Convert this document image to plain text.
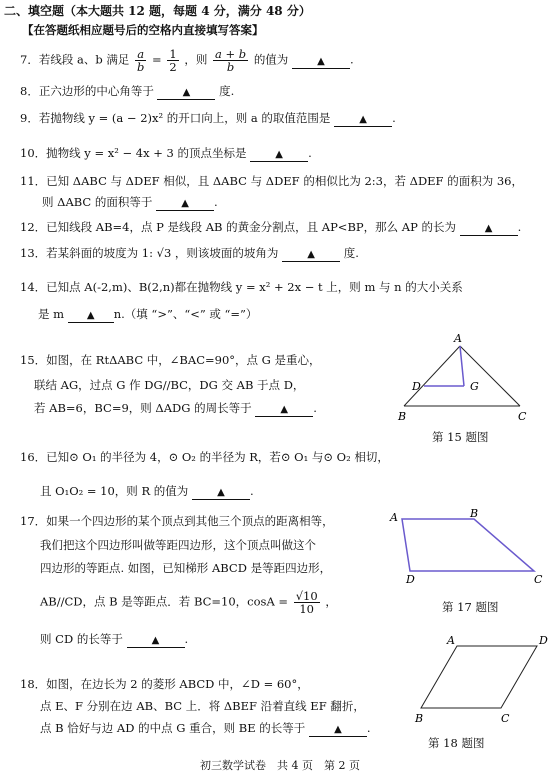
二、填空题（本大题共 12 题，每题 4 分，满分 48 分）
【在答题纸相应题号后的空格内直接填写答案】
7．若线段 a、b 满足 $\frac{a}{b} = \frac{1}{2}$ ，则 $\frac{a + b}{b}$ 的值为	▲ .
8．正六边形的中心角等于	▲	度.
9．若抛物线 y = (a − 2)x² 的开口向上，则 a 的取值范围是	▲ .
10．抛物线 y = x² − 4x + 3 的顶点坐标是	▲ .
11．已知 ΔABC 与 ΔDEF 相似，且 ΔABC 与 ΔDEF 的相似比为 2:3，若 ΔDEF 的面积为 36，
则 ΔABC 的面积等于	▲ .
12．已知线段 AB=4，点 P 是线段 AB 的黄金分割点，且 AP<BP，那么 AP 的长为	▲ .
13．若某斜面的坡度为 1: √3 ，则该坡面的坡角为	▲	度.
14．已知点 A(-2,m)、B(2,n)都在抛物线 y = x² + 2x − t 上，则 m 与 n 的大小关系
是 m ▲ n.（填 “>”、“<” 或 “=”）
15．如图，在 RtΔABC 中，∠BAC=90°，点 G 是重心，
联结 AG，过点 G 作 DG//BC，DG 交 AB 于点 D，
若 AB=6，BC=9，则 ΔADG 的周长等于	▲ .
A
D	G
B	C
第 15 题图
16．已知⊙ O₁ 的半径为 4，⊙ O₂ 的半径为 R，若⊙ O₁ 与⊙ O₂ 相切，
且 O₁O₂ = 10，则 R 的值为	▲ .
17．如果一个四边形的某个顶点到其他三个顶点的距离相等，
我们把这个四边形叫做等距四边形，这个顶点叫做这个
四边形的等距点. 如图，已知梯形 ABCD 是等距四边形，
AB//CD，点 B 是等距点．若 BC=10，$\cos A = \frac{√10}{10}$ ，
则 CD 的长等于	▲ .
A	B
C
D
第 17 题图
18．如图，在边长为 2 的菱形 ABCD 中，∠D = 60°，
点 E、F 分别在边 AB、BC 上．将 ΔBEF 沿着直线 EF 翻折，
点 B 恰好与边 AD 的中点 G 重合，则 BE 的长等于	▲ .
A	D
B	C
第 18 题图
初三数学试卷　共 4 页　第 2 页
